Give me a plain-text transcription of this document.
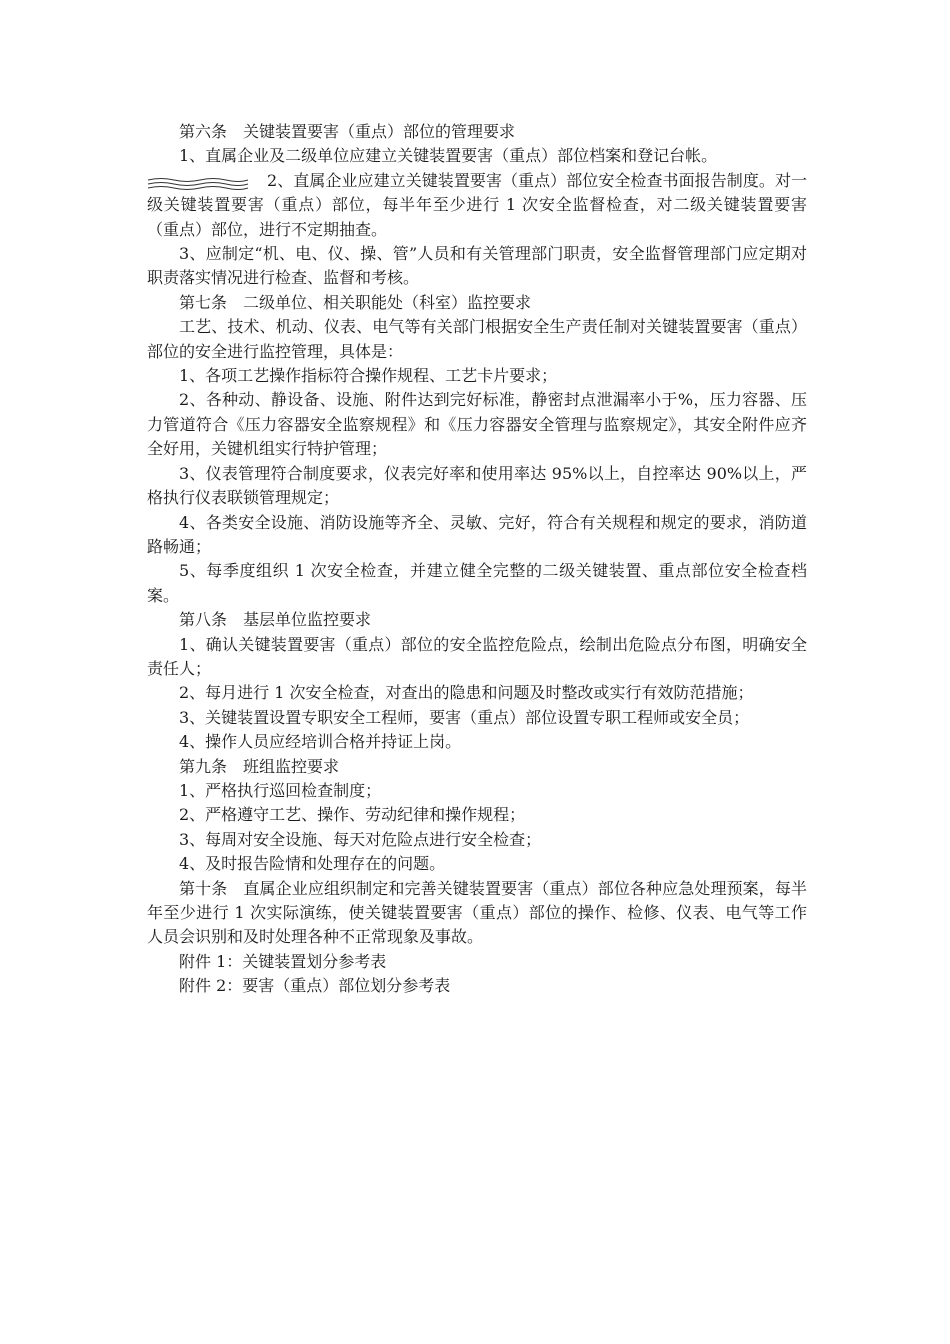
第六条　关键装置要害（重点）部位的管理要求

1、直属企业及二级单位应建立关键装置要害（重点）部位档案和登记台帐。

2、直属企业应建立关键装置要害（重点）部位安全检查书面报告制度。对一级关键装置要害（重点）部位，每半年至少进行 1 次安全监督检查，对二级关键装置要害（重点）部位，进行不定期抽查。

3、应制定“机、电、仪、操、管”人员和有关管理部门职责，安全监督管理部门应定期对职责落实情况进行检查、监督和考核。

第七条　二级单位、相关职能处（科室）监控要求

工艺、技术、机动、仪表、电气等有关部门根据安全生产责任制对关键装置要害（重点）部位的安全进行监控管理，具体是：

1、各项工艺操作指标符合操作规程、工艺卡片要求；

2、各种动、静设备、设施、附件达到完好标准，静密封点泄漏率小于%，压力容器、压力管道符合《压力容器安全监察规程》和《压力容器安全管理与监察规定》，其安全附件应齐全好用，关键机组实行特护管理；

3、仪表管理符合制度要求，仪表完好率和使用率达 95%以上，自控率达 90%以上，严格执行仪表联锁管理规定；

4、各类安全设施、消防设施等齐全、灵敏、完好，符合有关规程和规定的要求，消防道路畅通；

5、每季度组织 1 次安全检查，并建立健全完整的二级关键装置、重点部位安全检查档案。

第八条　基层单位监控要求

1、确认关键装置要害（重点）部位的安全监控危险点，绘制出危险点分布图，明确安全责任人；

2、每月进行 1 次安全检查，对查出的隐患和问题及时整改或实行有效防范措施；

3、关键装置设置专职安全工程师，要害（重点）部位设置专职工程师或安全员；

4、操作人员应经培训合格并持证上岗。

第九条　班组监控要求

1、严格执行巡回检查制度；

2、严格遵守工艺、操作、劳动纪律和操作规程；

3、每周对安全设施、每天对危险点进行安全检查；

4、及时报告险情和处理存在的问题。

第十条　直属企业应组织制定和完善关键装置要害（重点）部位各种应急处理预案，每半年至少进行 1 次实际演练，使关键装置要害（重点）部位的操作、检修、仪表、电气等工作人员会识别和及时处理各种不正常现象及事故。

附件 1：关键装置划分参考表

附件 2：要害（重点）部位划分参考表
